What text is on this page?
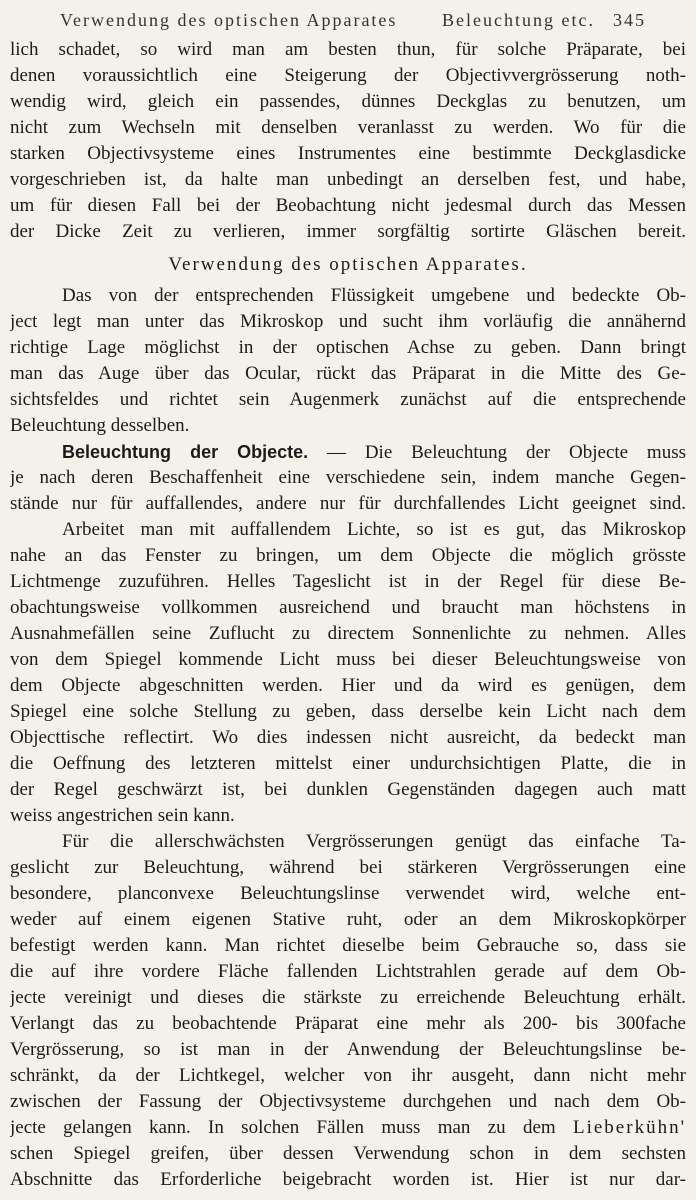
Verwendung des optischen Apparates Beleuchtung etc. 345
lich schadet, so wird man am besten thun, für solche Präparate, bei
denen voraussichtlich eine Steigerung der Objectivvergrösserung noth-
wendig wird, gleich ein passendes, dünnes Deckglas zu benutzen, um
nicht zum Wechseln mit denselben veranlasst zu werden. Wo für die
starken Objectivsysteme eines Instrumentes eine bestimmte Deckglasdicke
vorgeschrieben ist, da halte man unbedingt an derselben fest, und habe,
um für diesen Fall bei der Beobachtung nicht jedesmal durch das Messen
der Dicke Zeit zu verlieren, immer sorgfältig sortirte Gläschen bereit.
Verwendung des optischen Apparates.
Das von der entsprechenden Flüssigkeit umgebene und bedeckte Ob-
ject legt man unter das Mikroskop und sucht ihm vorläufig die annähernd
richtige Lage möglichst in der optischen Achse zu geben. Dann bringt
man das Auge über das Ocular, rückt das Präparat in die Mitte des Ge-
sichtsfeldes und richtet sein Augenmerk zunächst auf die entsprechende
Beleuchtung desselben.
Beleuchtung der Objecte. — Die Beleuchtung der Objecte muss
je nach deren Beschaffenheit eine verschiedene sein, indem manche Gegen-
stände nur für auffallendes, andere nur für durchfallendes Licht geeignet sind.
Arbeitet man mit auffallendem Lichte, so ist es gut, das Mikroskop
nahe an das Fenster zu bringen, um dem Objecte die möglich grösste
Lichtmenge zuzuführen. Helles Tageslicht ist in der Regel für diese Be-
obachtungsweise vollkommen ausreichend und braucht man höchstens in
Ausnahmefällen seine Zuflucht zu directem Sonnenlichte zu nehmen. Alles
von dem Spiegel kommende Licht muss bei dieser Beleuchtungsweise von
dem Objecte abgeschnitten werden. Hier und da wird es genügen, dem
Spiegel eine solche Stellung zu geben, dass derselbe kein Licht nach dem
Objecttische reflectirt. Wo dies indessen nicht ausreicht, da bedeckt man
die Oeffnung des letzteren mittelst einer undurchsichtigen Platte, die in
der Regel geschwärzt ist, bei dunklen Gegenständen dagegen auch matt
weiss angestrichen sein kann.
Für die allerschwächsten Vergrösserungen genügt das einfache Ta-
geslicht zur Beleuchtung, während bei stärkeren Vergrösserungen eine
besondere, planconvexe Beleuchtungslinse verwendet wird, welche ent-
weder auf einem eigenen Stative ruht, oder an dem Mikroskopkörper
befestigt werden kann. Man richtet dieselbe beim Gebrauche so, dass sie
die auf ihre vordere Fläche fallenden Lichtstrahlen gerade auf dem Ob-
jecte vereinigt und dieses die stärkste zu erreichende Beleuchtung erhält.
Verlangt das zu beobachtende Präparat eine mehr als 200- bis 300fache
Vergrösserung, so ist man in der Anwendung der Beleuchtungslinse be-
schränkt, da der Lichtkegel, welcher von ihr ausgeht, dann nicht mehr
zwischen der Fassung der Objectivsysteme durchgehen und nach dem Ob-
jecte gelangen kann. In solchen Fällen muss man zu dem Lieberkühn'
schen Spiegel greifen, über dessen Verwendung schon in dem sechsten
Abschnitte das Erforderliche beigebracht worden ist. Hier ist nur dar-
